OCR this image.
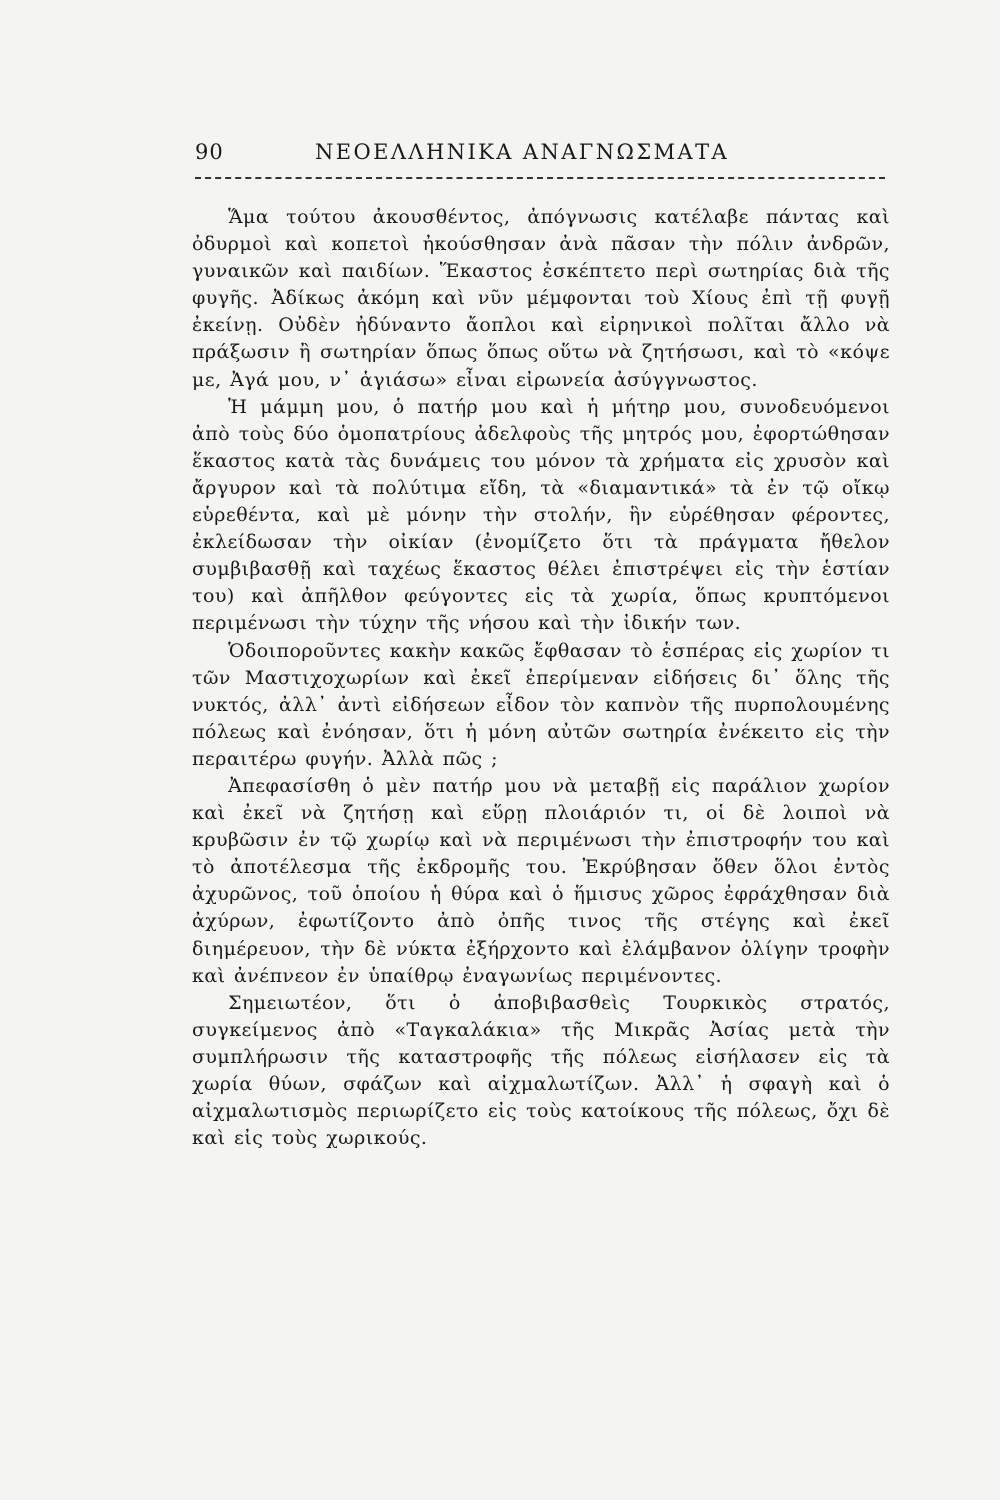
90	ΝΕΟΕΛΛΗΝΙΚΑ ΑΝΑΓΝΩΣΜΑΤΑ

Ἅμα τούτου ἀκουσθέντος, ἀπόγνωσις κατέλαβε πάντας καὶ ὀδυρμοὶ καὶ κοπετοὶ ἠκούσθησαν ἀνὰ πᾶσαν τὴν πόλιν ἀνδρῶν, γυναικῶν καὶ παιδίων. Ἕκαστος ἐσκέπτετο περὶ σωτηρίας διὰ τῆς φυγῆς. Ἀδίκως ἀκόμη καὶ νῦν μέμφονται τοὺ Χίους ἐπὶ τῇ φυγῇ ἐκείνῃ. Οὐδὲν ἠδύναντο ἄοπλοι καὶ εἰρηνικοὶ πολῖται ἄλλο νὰ πράξωσιν ἢ σωτηρίαν ὅπως ὅπως οὕτω νὰ ζητήσωσι, καὶ τὸ «κόψε με, Ἀγά μου, ν᾽ ἁγιάσω» εἶναι εἰρωνεία ἀσύγγνωστος.

Ἡ μάμμη μου, ὁ πατήρ μου καὶ ἡ μήτηρ μου, συνοδευόμενοι ἀπὸ τοὺς δύο ὁμοπατρίους ἀδελφοὺς τῆς μητρός μου, ἐφορτώθησαν ἕκαστος κατὰ τὰς δυνάμεις του μόνον τὰ χρήματα εἰς χρυσὸν καὶ ἄργυρον καὶ τὰ πολύτιμα εἴδη, τὰ «διαμαντικά» τὰ ἐν τῷ οἴκῳ εὑρεθέντα, καὶ μὲ μόνην τὴν στολήν, ἣν εὑρέθησαν φέροντες, ἐκλείδωσαν τὴν οἰκίαν (ἐνομίζετο ὅτι τὰ πράγματα ἤθελον συμβιβασθῇ καὶ ταχέως ἕκαστος θέλει ἐπιστρέψει εἰς τὴν ἑστίαν του) καὶ ἀπῆλθον φεύγοντες εἰς τὰ χωρία, ὅπως κρυπτόμενοι περιμένωσι τὴν τύχην τῆς νήσου καὶ τὴν ἰδικήν των.

Ὁδοιποροῦντες κακὴν κακῶς ἔφθασαν τὸ ἑσπέρας εἰς χωρίον τι τῶν Μαστιχοχωρίων καὶ ἐκεῖ ἐπερίμεναν εἰδήσεις δι᾽ ὅλης τῆς νυκτός, ἀλλ᾽ ἀντὶ εἰδήσεων εἶδον τὸν καπνὸν τῆς πυρπολουμένης πόλεως καὶ ἐνόησαν, ὅτι ἡ μόνη αὐτῶν σωτηρία ἐνέκειτο εἰς τὴν περαιτέρω φυγήν. Ἀλλὰ πῶς ;

Ἀπεφασίσθη ὁ μὲν πατήρ μου νὰ μεταβῇ εἰς παράλιον χωρίον καὶ ἐκεῖ νὰ ζητήσῃ καὶ εὕρῃ πλοιάριόν τι, οἱ δὲ λοιποὶ νὰ κρυβῶσιν ἐν τῷ χωρίῳ καὶ νὰ περιμένωσι τὴν ἐπιστροφήν του καὶ τὸ ἀποτέλεσμα τῆς ἐκδρομῆς του. Ἐκρύβησαν ὅθεν ὅλοι ἐντὸς ἀχυρῶνος, τοῦ ὁποίου ἡ θύρα καὶ ὁ ἥμισυς χῶρος ἐφράχθησαν διὰ ἀχύρων, ἐφωτίζοντο ἀπὸ ὀπῆς τινος τῆς στέγης καὶ ἐκεῖ διημέρευον, τὴν δὲ νύκτα ἐξήρχοντο καὶ ἐλάμβανον ὀλίγην τροφὴν καὶ ἀνέπνεον ἐν ὑπαίθρῳ ἐναγωνίως περιμένοντες.

Σημειωτέον, ὅτι ὁ ἀποβιβασθεὶς Τουρκικὸς στρατός, συγκείμενος ἀπὸ «Ταγκαλάκια» τῆς Μικρᾶς Ἀσίας μετὰ τὴν συμπλήρωσιν τῆς καταστροφῆς τῆς πόλεως εἰσήλασεν εἰς τὰ χωρία θύων, σφάζων καὶ αἰχμαλωτίζων. Ἀλλ᾽ ἡ σφαγὴ καὶ ὁ αἰχμαλωτισμὸς περιωρίζετο εἰς τοὺς κατοίκους τῆς πόλεως, ὄχι δὲ καὶ εἰς τοὺς χωρικούς.
